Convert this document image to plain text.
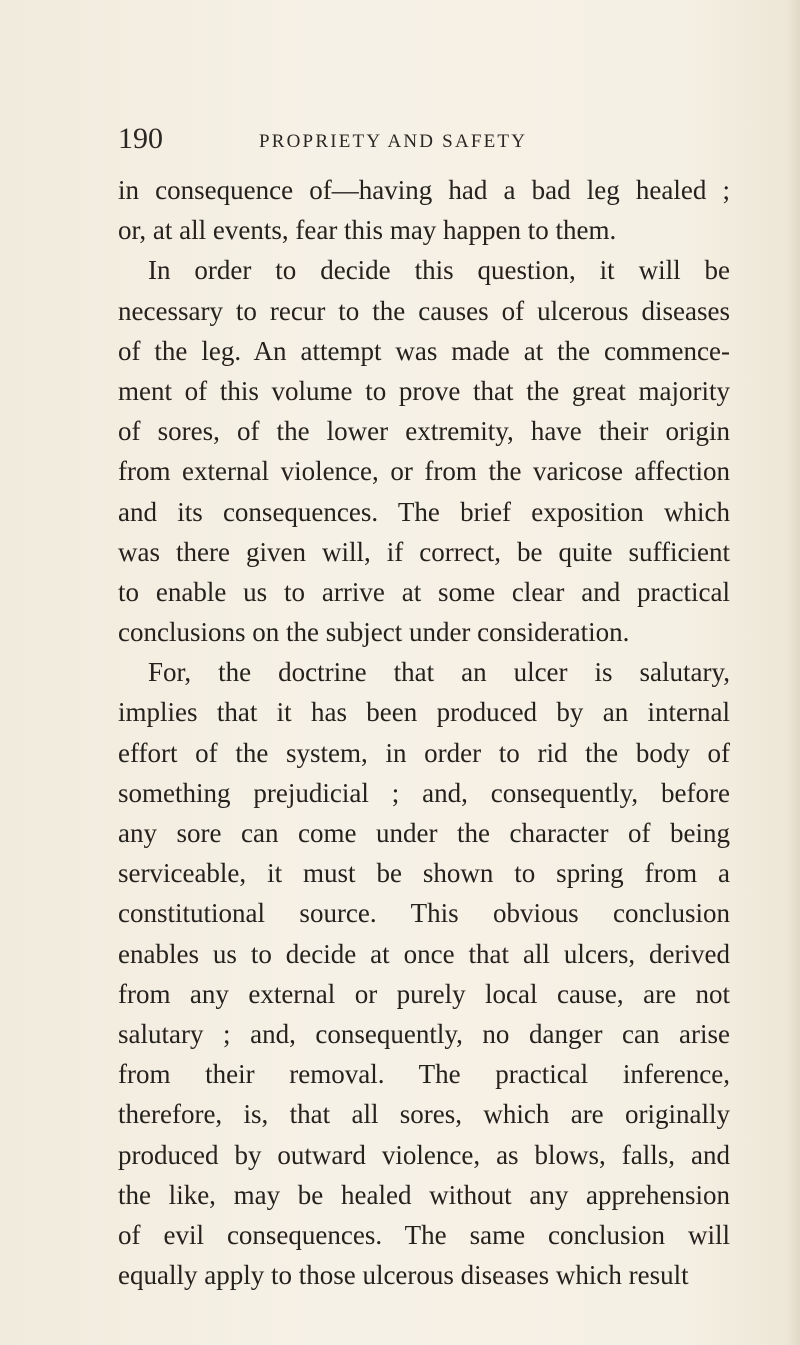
190	PROPRIETY AND SAFETY
in consequence of—having had a bad leg healed ;
or, at all events, fear this may happen to them.
In order to decide this question, it will be
necessary to recur to the causes of ulcerous diseases
of the leg. An attempt was made at the commence-
ment of this volume to prove that the great majority
of sores, of the lower extremity, have their origin
from external violence, or from the varicose affection
and its consequences. The brief exposition which
was there given will, if correct, be quite sufficient
to enable us to arrive at some clear and practical
conclusions on the subject under consideration.
For, the doctrine that an ulcer is salutary,
implies that it has been produced by an internal
effort of the system, in order to rid the body of
something prejudicial ; and, consequently, before
any sore can come under the character of being
serviceable, it must be shown to spring from a
constitutional source. This obvious conclusion
enables us to decide at once that all ulcers, derived
from any external or purely local cause, are not
salutary ; and, consequently, no danger can arise
from their removal. The practical inference,
therefore, is, that all sores, which are originally
produced by outward violence, as blows, falls, and
the like, may be healed without any apprehension
of evil consequences. The same conclusion will
equally apply to those ulcerous diseases which result
